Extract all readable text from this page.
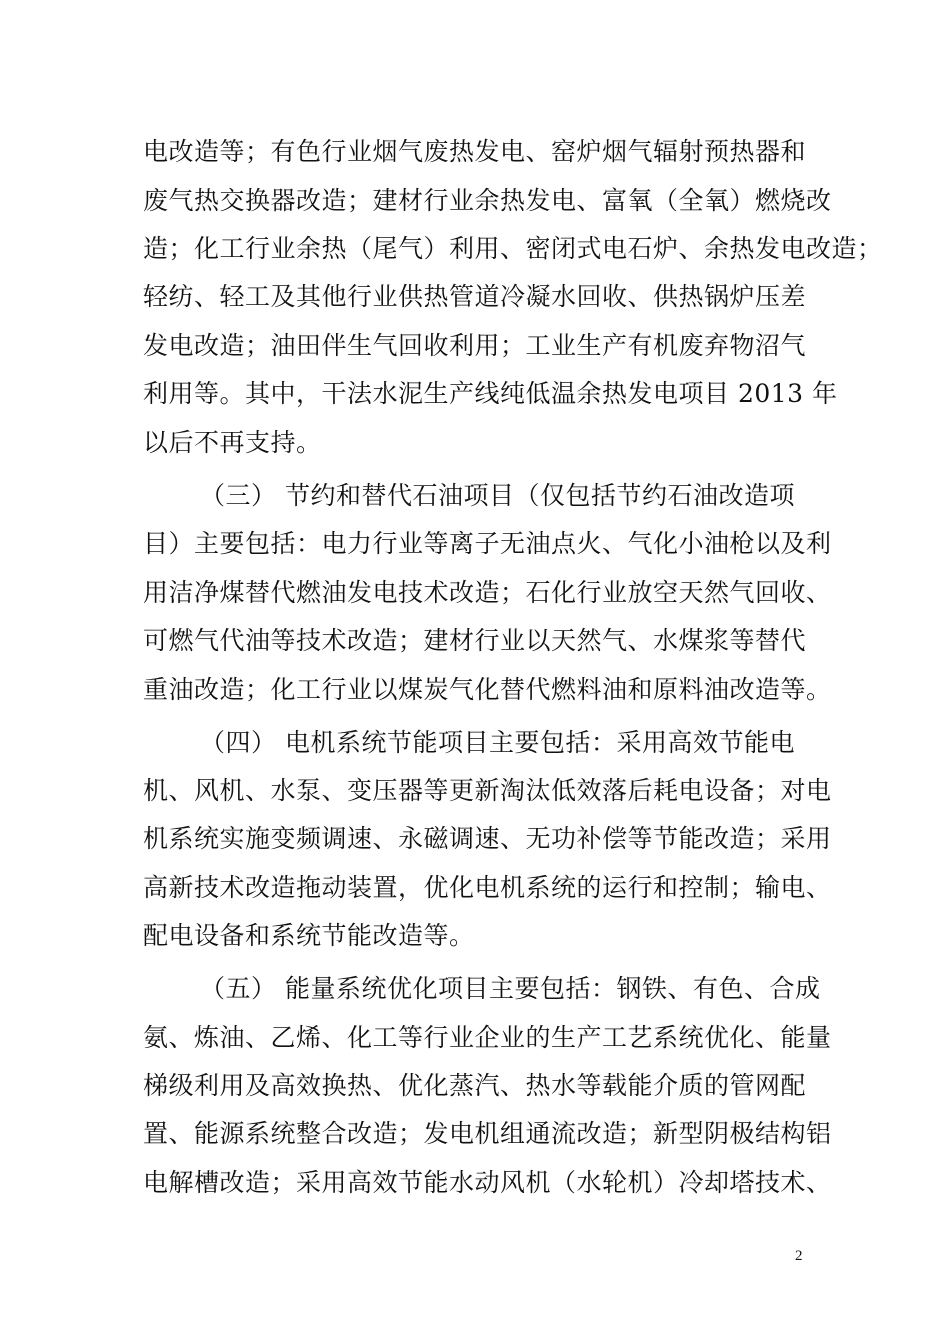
电改造等；有色行业烟气废热发电、窑炉烟气辐射预热器和
废气热交换器改造；建材行业余热发电、富氧（全氧）燃烧改
造；化工行业余热（尾气）利用、密闭式电石炉、余热发电改造；
轻纺、轻工及其他行业供热管道冷凝水回收、供热锅炉压差
发电改造；油田伴生气回收利用；工业生产有机废弃物沼气
利用等。其中，干法水泥生产线纯低温余热发电项目 2013 年
以后不再支持。
（三） 节约和替代石油项目（仅包括节约石油改造项
目）主要包括：电力行业等离子无油点火、气化小油枪以及利
用洁净煤替代燃油发电技术改造；石化行业放空天然气回收、
可燃气代油等技术改造；建材行业以天然气、水煤浆等替代
重油改造；化工行业以煤炭气化替代燃料油和原料油改造等。
（四） 电机系统节能项目主要包括：采用高效节能电
机、风机、水泵、变压器等更新淘汰低效落后耗电设备；对电
机系统实施变频调速、永磁调速、无功补偿等节能改造；采用
高新技术改造拖动装置，优化电机系统的运行和控制；输电、
配电设备和系统节能改造等。
（五） 能量系统优化项目主要包括：钢铁、有色、合成
氨、炼油、乙烯、化工等行业企业的生产工艺系统优化、能量
梯级利用及高效换热、优化蒸汽、热水等载能介质的管网配
置、能源系统整合改造；发电机组通流改造；新型阴极结构铝
电解槽改造；采用高效节能水动风机（水轮机）冷却塔技术、
2
